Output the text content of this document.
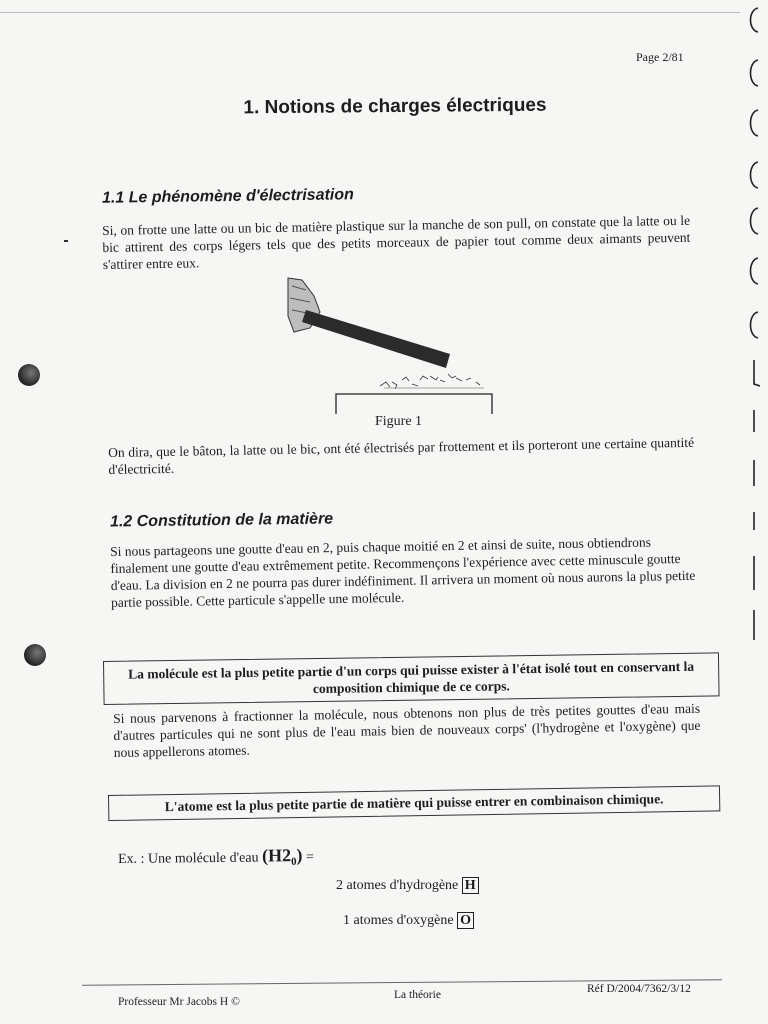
Page 2/81
1. Notions de charges électriques
1.1 Le phénomène d'électrisation
Si, on frotte une latte ou un bic de matière plastique sur la manche de son pull, on constate que la latte ou le bic attirent des corps légers tels que des petits morceaux de papier tout comme deux aimants peuvent s'attirer entre eux.
Figure 1
On dira, que le bâton, la latte ou le bic, ont été électrisés par frottement et ils porteront une certaine quantité d'électricité.
1.2 Constitution de la matière
Si nous partageons une goutte d'eau en 2, puis chaque moitié en 2 et ainsi de suite, nous obtiendrons finalement une goutte d'eau extrêmement petite. Recommençons l'expérience avec cette minuscule goutte d'eau. La division en 2 ne pourra pas durer indéfiniment. Il arrivera un moment où nous aurons la plus petite partie possible. Cette particule s'appelle une molécule.
La molécule est la plus petite partie d'un corps qui puisse exister à l'état isolé tout en conservant la composition chimique de ce corps.
Si nous parvenons à fractionner la molécule, nous obtenons non plus de très petites gouttes d'eau mais d'autres particules qui ne sont plus de l'eau mais bien de nouveaux corps' (l'hydrogène et l'oxygène) que nous appellerons atomes.
L'atome est la plus petite partie de matière qui puisse entrer en combinaison chimique.
Ex. : Une molécule d'eau (H2₀) =
2 atomes d'hydrogène H
1 atomes d'oxygène O
Professeur Mr Jacobs H ©
La théorie	Réf D/2004/7362/3/12
